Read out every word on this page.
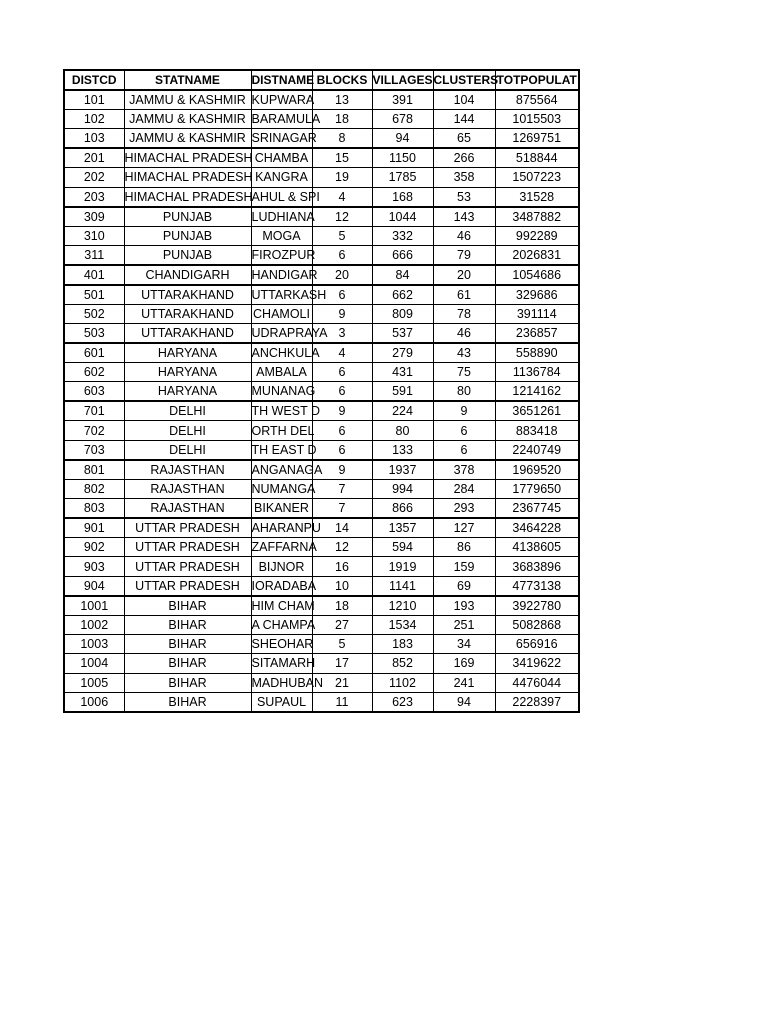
DISTCD	STATNAME	DISTNAME	BLOCKS	VILLAGES	CLUSTERS	TOTPOPULAT
101	JAMMU & KASHMIR	KUPWARA	13	391	104	875564
102	JAMMU & KASHMIR	BARAMULA	18	678	144	1015503
103	JAMMU & KASHMIR	SRINAGAR	8	94	65	1269751
201	HIMACHAL PRADESH	CHAMBA	15	1150	266	518844
202	HIMACHAL PRADESH	KANGRA	19	1785	358	1507223
203	HIMACHAL PRADESH	AHUL & SPI	4	168	53	31528
309	PUNJAB	LUDHIANA	12	1044	143	3487882
310	PUNJAB	MOGA	5	332	46	992289
311	PUNJAB	FIROZPUR	6	666	79	2026831
401	CHANDIGARH	HANDIGAR	20	84	20	1054686
501	UTTARAKHAND	UTTARKASH	6	662	61	329686
502	UTTARAKHAND	CHAMOLI	9	809	78	391114
503	UTTARAKHAND	UDRAPRAYA	3	537	46	236857
601	HARYANA	ANCHKULA	4	279	43	558890
602	HARYANA	AMBALA	6	431	75	1136784
603	HARYANA	MUNANAG	6	591	80	1214162
701	DELHI	TH WEST D	9	224	9	3651261
702	DELHI	ORTH DEL	6	80	6	883418
703	DELHI	TH EAST D	6	133	6	2240749
801	RAJASTHAN	ANGANAGA	9	1937	378	1969520
802	RAJASTHAN	NUMANGA	7	994	284	1779650
803	RAJASTHAN	BIKANER	7	866	293	2367745
901	UTTAR PRADESH	AHARANPU	14	1357	127	3464228
902	UTTAR PRADESH	ZAFFARNA	12	594	86	4138605
903	UTTAR PRADESH	BIJNOR	16	1919	159	3683896
904	UTTAR PRADESH	IORADABA	10	1141	69	4773138
1001	BIHAR	HIM CHAM	18	1210	193	3922780
1002	BIHAR	A CHAMPA	27	1534	251	5082868
1003	BIHAR	SHEOHAR	5	183	34	656916
1004	BIHAR	SITAMARH	17	852	169	3419622
1005	BIHAR	MADHUBAN	21	1102	241	4476044
1006	BIHAR	SUPAUL	11	623	94	2228397
